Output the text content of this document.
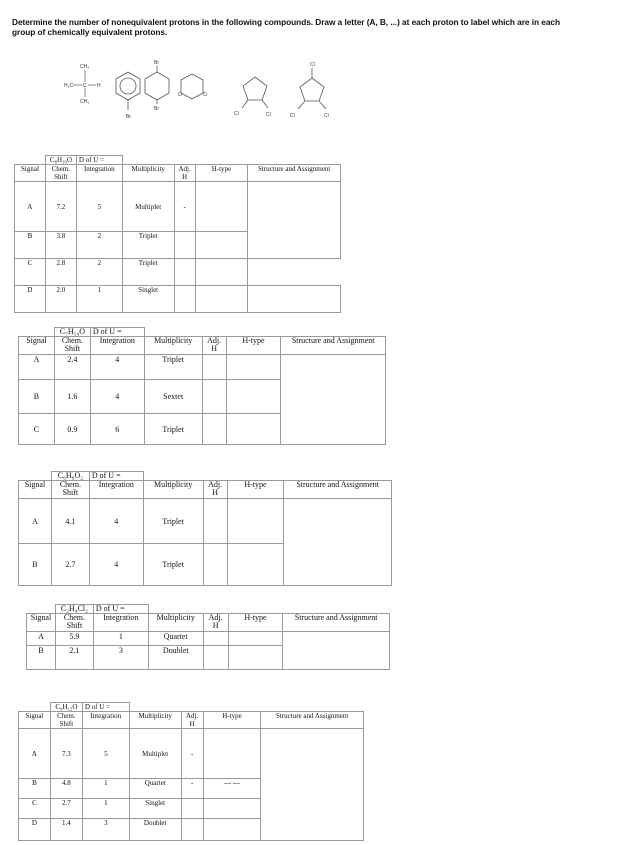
Determine the number of nonequivalent protons in the following compounds. Draw a letter (A, B, ...) at each proton to label which are in each group of chemically equivalent protons.
CH₃
H₃C C H
CH₃
Br
Br
Br
O	O
Cl	Cl
Cl
Cl	Cl
	C₈H₁₀O	D of U =				
Signal	Chem.
Shift	Integration	Multiplicity	Adj.
H	H-type	Structure and Assignment
A	7.2	5	Multiplet	-		
B	3.8	2	Triplet			
C	2.8	2	Triplet			
D	2.0	1	Singlet			
	C₇H₁₄O	D of U =				
Signal	Chem.
Shift	Integration	Multiplicity	Adj.
H	H-type	Structure and Assignment
A	2.4	4	Triplet			
B	1.6	4	Sextet			
C	0.9	6	Triplet			
	C₆H₈O₂	D of U =				
Signal	Chem.
Shift	Integration	Multiplicity	Adj.
H	H-type	Structure and Assignment
A	4.1	4	Triplet			
B	2.7	4	Triplet			
	C₂H₄Cl₂	D of U =				
Signal	Chem.
Shift	Integration	Multiplicity	Adj.
H	H-type	Structure and Assignment
A	5.9	1	Quartet			
B	2.1	3	Doublet			
	C₉H₁₂O	D of U =				
Signal	Chem.
Shift	Integration	Multiplicity	Adj.
H	H-type	Structure and Assignment
A	7.3	5	Multiplet	-		
B	4.8	1	Quartet	-	--- ---	
C	2.7	1	Singlet			
D	1.4	3	Doublet			
